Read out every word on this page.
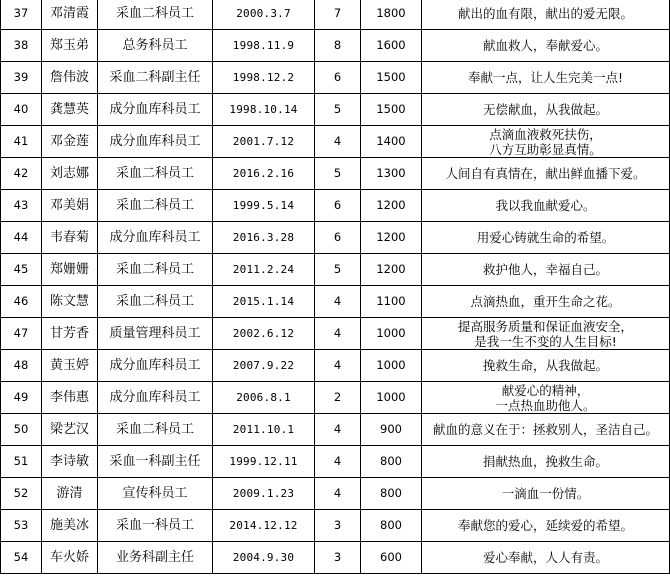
37	邓清霞	采血二科员工	2000.3.7	7	1800	献出的血有限，献出的爱无限。
38	郑玉弟	总务科员工	1998.11.9	8	1600	献血救人，奉献爱心。
39	詹伟波	采血二科副主任	1998.12.2	6	1500	奉献一点，让人生完美一点!
40	龚慧英	成分血库科员工	1998.10.14	5	1500	无偿献血，从我做起。
41	邓金莲	成分血库科员工	2001.7.12	4	1400	点滴血液救死扶伤，
八方互助彰显真情。
42	刘志娜	采血二科员工	2016.2.16	5	1300	人间自有真情在，献出鲜血播下爱。
43	邓美娟	采血二科员工	1999.5.14	6	1200	我以我血献爱心。
44	韦春菊	成分血库科员工	2016.3.28	6	1200	用爱心铸就生命的希望。
45	郑姗姗	采血二科员工	2011.2.24	5	1200	救护他人，幸福自己。
46	陈文慧	采血二科员工	2015.1.14	4	1100	点滴热血，重开生命之花。
47	甘芳香	质量管理科员工	2002.6.12	4	1000	提高服务质量和保证血液安全，
是我一生不变的人生目标!
48	黄玉婷	成分血库科员工	2007.9.22	4	1000	挽救生命，从我做起。
49	李伟惠	成分血库科员工	2006.8.1	2	1000	献爱心的精神，
一点热血助他人。
50	梁艺汉	采血二科员工	2011.10.1	4	900	献血的意义在于：拯救别人，圣洁自己。
51	李诗敏	采血一科副主任	1999.12.11	4	800	捐献热血，挽救生命。
52	游清	宣传科员工	2009.1.23	4	800	一滴血一份情。
53	施美冰	采血一科员工	2014.12.12	3	800	奉献您的爱心，延续爱的希望。
54	车火娇	业务科副主任	2004.9.30	3	600	爱心奉献，人人有责。
